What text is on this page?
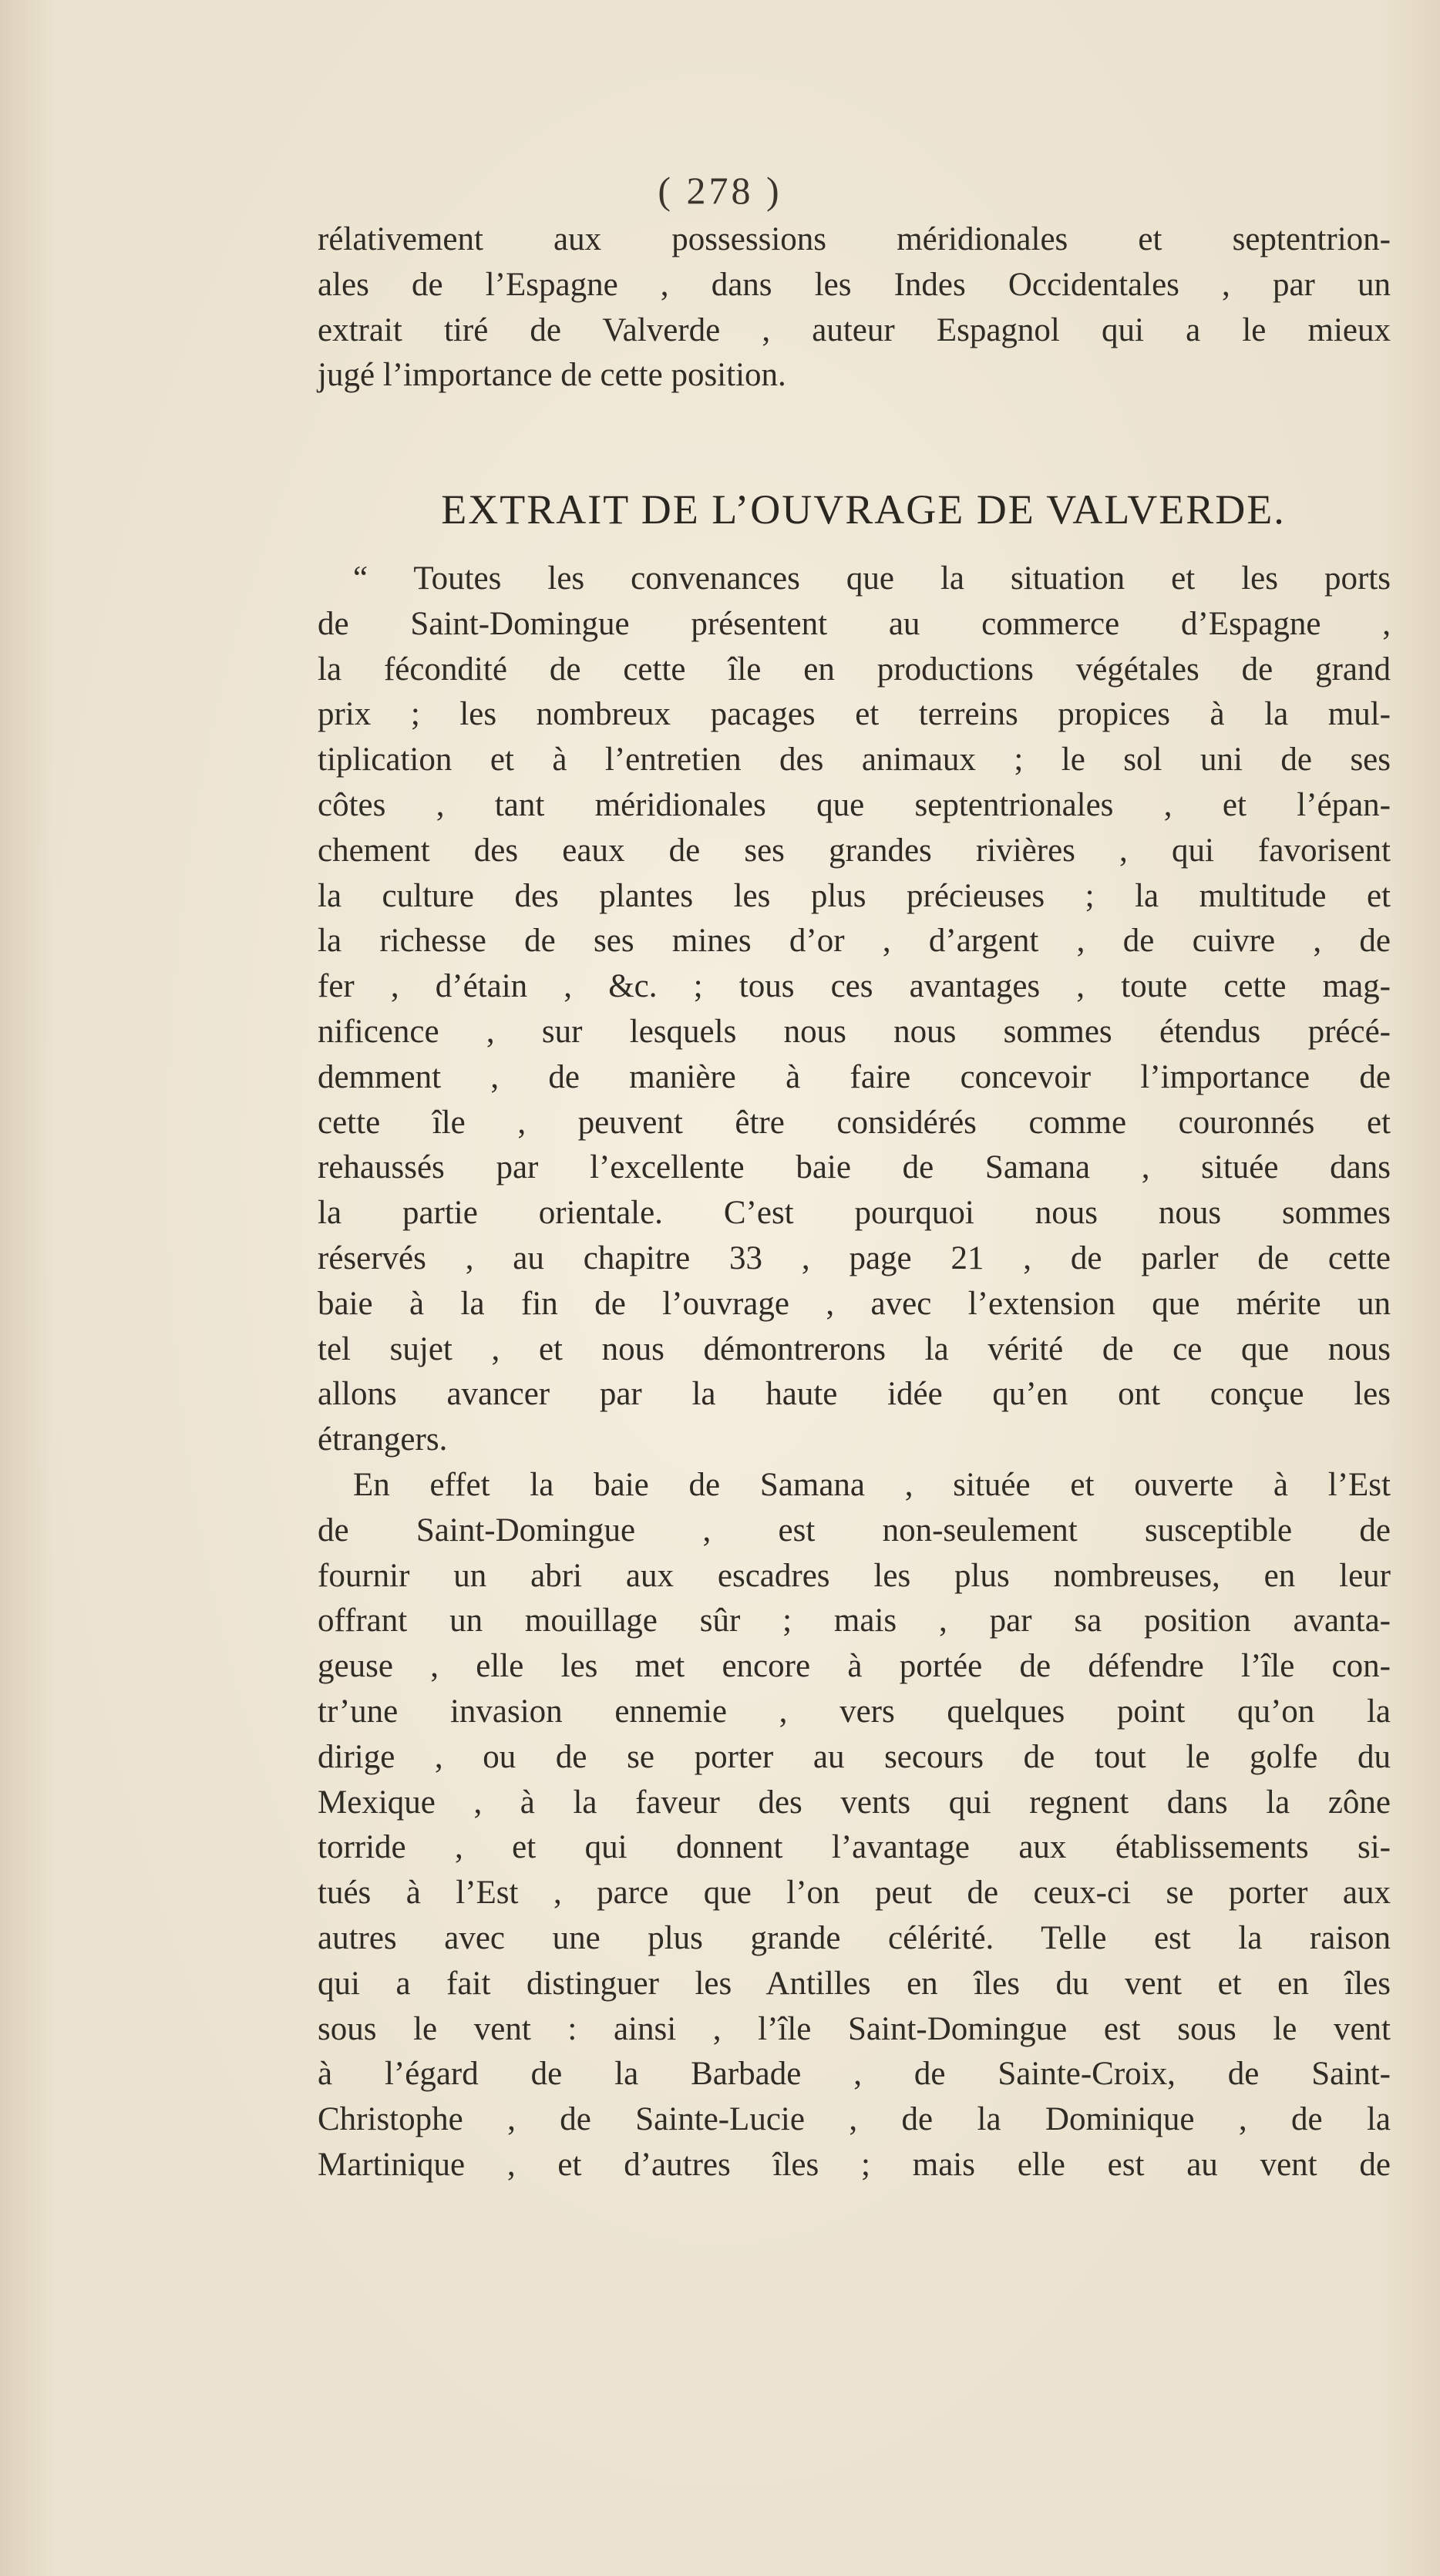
( 278 )
rélativement aux possessions méridionales et septentrion-
ales de l’Espagne , dans les Indes Occidentales , par un
extrait tiré de Valverde , auteur Espagnol qui a le mieux
jugé l’importance de cette position.
EXTRAIT DE L’OUVRAGE DE VALVERDE.
“ Toutes les convenances que la situation et les ports
de Saint-Domingue présentent au commerce d’Espagne ,
la fécondité de cette île en productions végétales de grand
prix ; les nombreux pacages et terreins propices à la mul-
tiplication et à l’entretien des animaux ; le sol uni de ses
côtes , tant méridionales que septentrionales , et l’épan-
chement des eaux de ses grandes rivières , qui favorisent
la culture des plantes les plus précieuses ; la multitude et
la richesse de ses mines d’or , d’argent , de cuivre , de
fer , d’étain , &c. ; tous ces avantages , toute cette mag-
nificence , sur lesquels nous nous sommes étendus précé-
demment , de manière à faire concevoir l’importance de
cette île , peuvent être considérés comme couronnés et
rehaussés par l’excellente baie de Samana , située dans
la partie orientale. C’est pourquoi nous nous sommes
réservés , au chapitre 33 , page 21 , de parler de cette
baie à la fin de l’ouvrage , avec l’extension que mérite un
tel sujet , et nous démontrerons la vérité de ce que nous
allons avancer par la haute idée qu’en ont conçue les
étrangers.
En effet la baie de Samana , située et ouverte à l’Est
de Saint-Domingue , est non-seulement susceptible de
fournir un abri aux escadres les plus nombreuses, en leur
offrant un mouillage sûr ; mais , par sa position avanta-
geuse , elle les met encore à portée de défendre l’île con-
tr’une invasion ennemie , vers quelques point qu’on la
dirige , ou de se porter au secours de tout le golfe du
Mexique , à la faveur des vents qui regnent dans la zône
torride , et qui donnent l’avantage aux établissements si-
tués à l’Est , parce que l’on peut de ceux-ci se porter aux
autres avec une plus grande célérité. Telle est la raison
qui a fait distinguer les Antilles en îles du vent et en îles
sous le vent : ainsi , l’île Saint-Domingue est sous le vent
à l’égard de la Barbade , de Sainte-Croix, de Saint-
Christophe , de Sainte-Lucie , de la Dominique , de la
Martinique , et d’autres îles ; mais elle est au vent de
